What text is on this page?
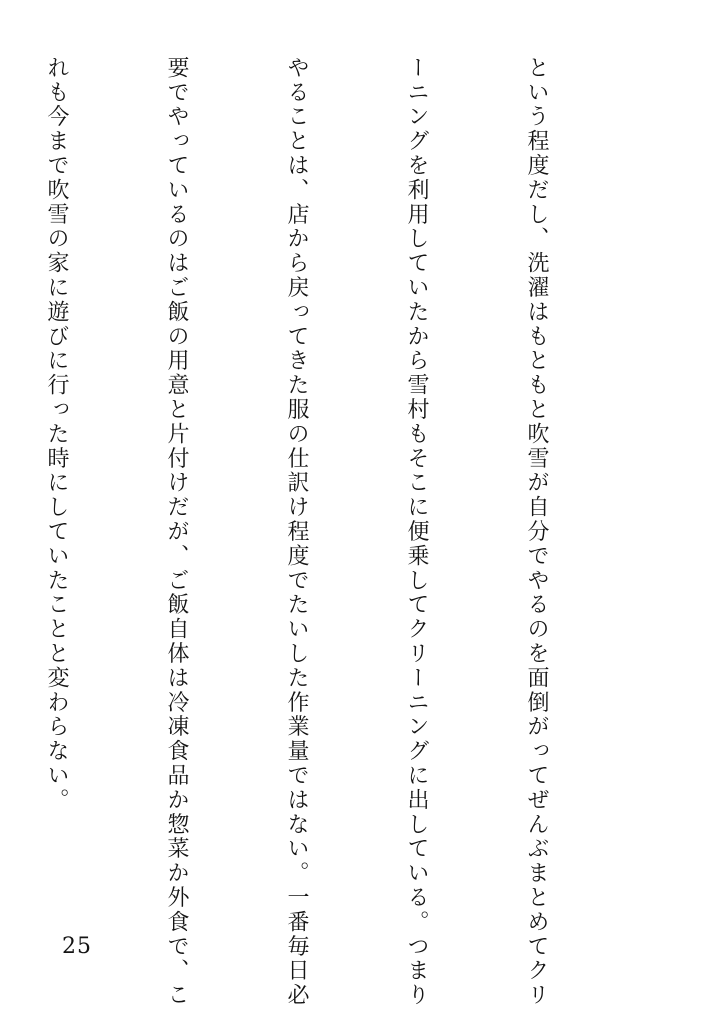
という程度だし、洗濯はもともと吹雪が自分でやるのを面倒がってぜんぶまとめてクリ

ーニングを利用していたから雪村もそこに便乗してクリーニングに出している。つまり

やることは、店から戻ってきた服の仕訳け程度でたいした作業量ではない。一番毎日必

要でやっているのはご飯の用意と片付けだが、ご飯自体は冷凍食品か惣菜か外食で、こ

れも今まで吹雪の家に遊びに行った時にしていたことと変わらない。

25
